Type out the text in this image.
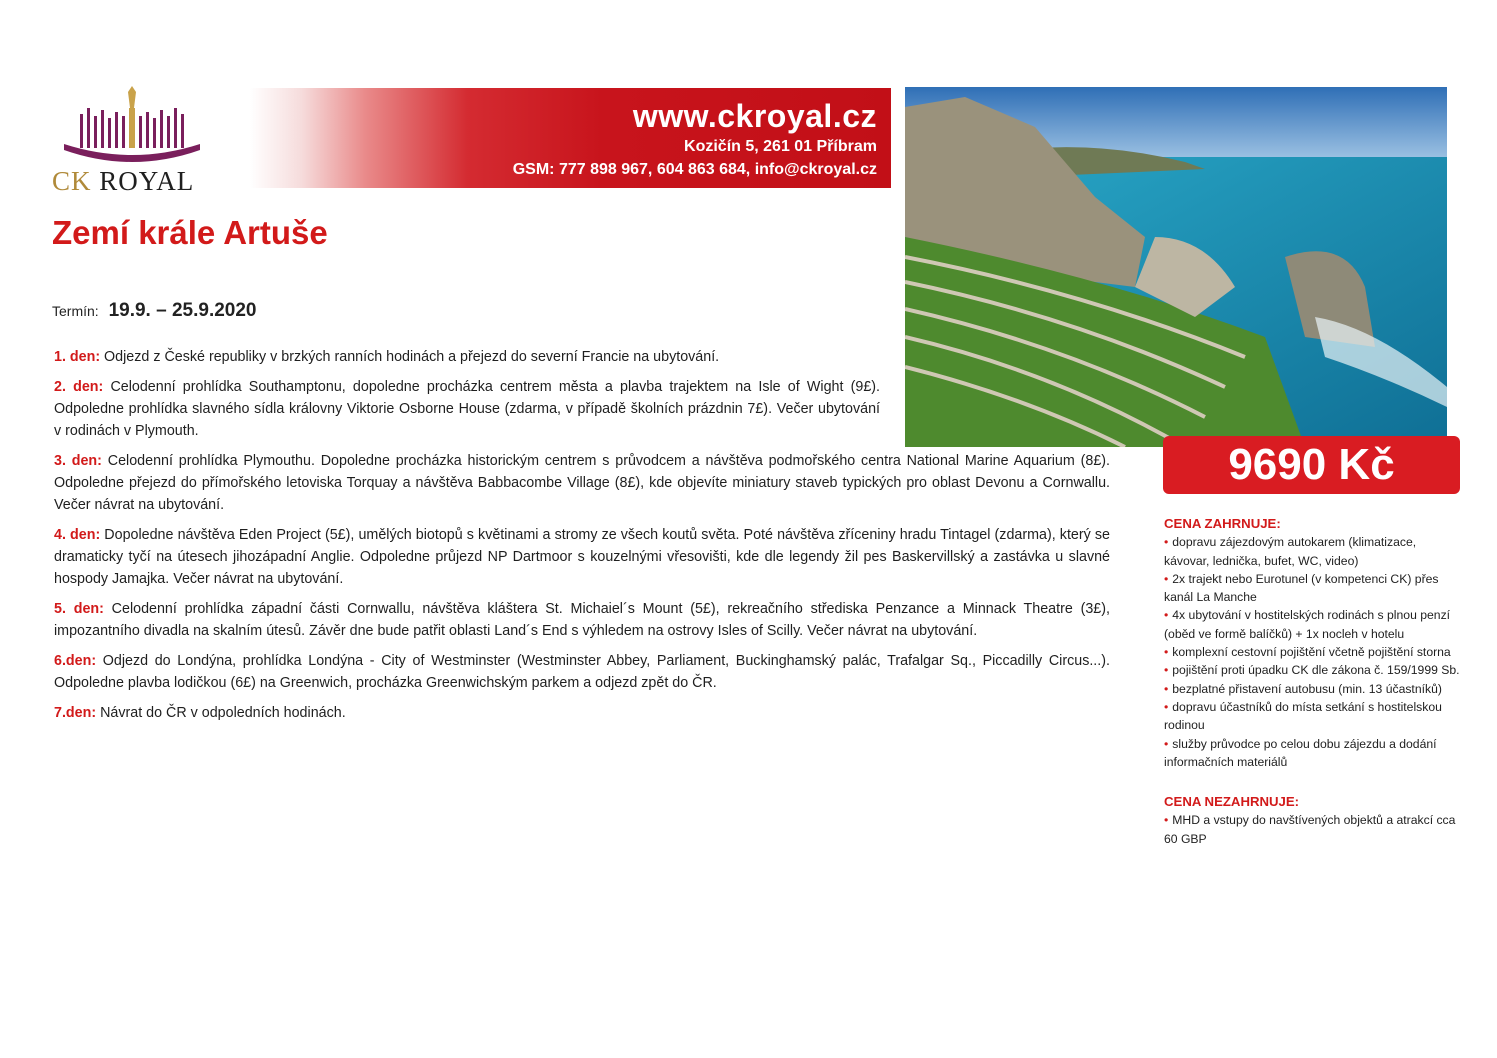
CK ROYAL
www.ckroyal.cz
Kozičín 5, 261 01 Příbram
GSM: 777 898 967, 604 863 684, info@ckroyal.cz
Zemí krále Artuše
Termín: 19.9. – 25.9.2020

1. den: Odjezd z České republiky v brzkých ranních hodinách a přejezd do severní Francie na ubytování.

2. den: Celodenní prohlídka Southamptonu, dopoledne procházka centrem města a plavba trajektem na Isle of Wight (9£). Odpoledne prohlídka slavného sídla královny Viktorie Osborne House (zdarma, v případě školních prázdnin 7£). Večer ubytování v rodinách v Plymouth.

3. den: Celodenní prohlídka Plymouthu. Dopoledne procházka historickým centrem s průvodcem a návštěva podmořského centra National Marine Aquarium (8£). Odpoledne přejezd do přímořského letoviska Torquay a návštěva Babbacombe Village (8£), kde objevíte miniatury staveb typických pro oblast Devonu a Cornwallu. Večer návrat na ubytování.

4. den: Dopoledne návštěva Eden Project (5£), umělých biotopů s květinami a stromy ze všech koutů světa. Poté návštěva zříceniny hradu Tintagel (zdarma), který se dramaticky tyčí na útesech jihozápadní Anglie. Odpoledne průjezd NP Dartmoor s kouzelnými vřesovišti, kde dle legendy žil pes Baskervillský a zastávka u slavné hospody Jamajka. Večer návrat na ubytování.

5. den: Celodenní prohlídka západní části Cornwallu, návštěva kláštera St. Michaiel´s Mount (5£), rekreačního střediska Penzance a Minnack Theatre (3£), impozantního divadla na skalním útesů. Závěr dne bude patřit oblasti Land´s End s výhledem na ostrovy Isles of Scilly. Večer návrat na ubytování.

6.den: Odjezd do Londýna, prohlídka Londýna - City of Westminster (Westminster Abbey, Parliament, Buckinghamský palác, Trafalgar Sq., Piccadilly Circus...). Odpoledne plavba lodičkou (6£) na Greenwich, procházka Greenwichským parkem a odjezd zpět do ČR.

7.den: Návrat do ČR v odpoledních hodinách.

9690 Kč
CENA ZAHRNUJE:
• dopravu zájezdovým autokarem (klimatizace, kávovar, lednička, bufet, WC, video)
• 2x trajekt nebo Eurotunel (v kompetenci CK) přes kanál La Manche
• 4x ubytování v hostitelských rodinách s plnou penzí (oběd ve formě balíčků) + 1x nocleh v hotelu
• komplexní cestovní pojištění včetně pojištění storna
• pojištění proti úpadku CK dle zákona č. 159/1999 Sb.
• bezplatné přistavení autobusu (min. 13 účastníků)
• dopravu účastníků do místa setkání s hostitelskou rodinou
• služby průvodce po celou dobu zájezdu a dodání informačních materiálů
CENA NEZAHRNUJE:
• MHD a vstupy do navštívených objektů a atrakcí cca 60 GBP
